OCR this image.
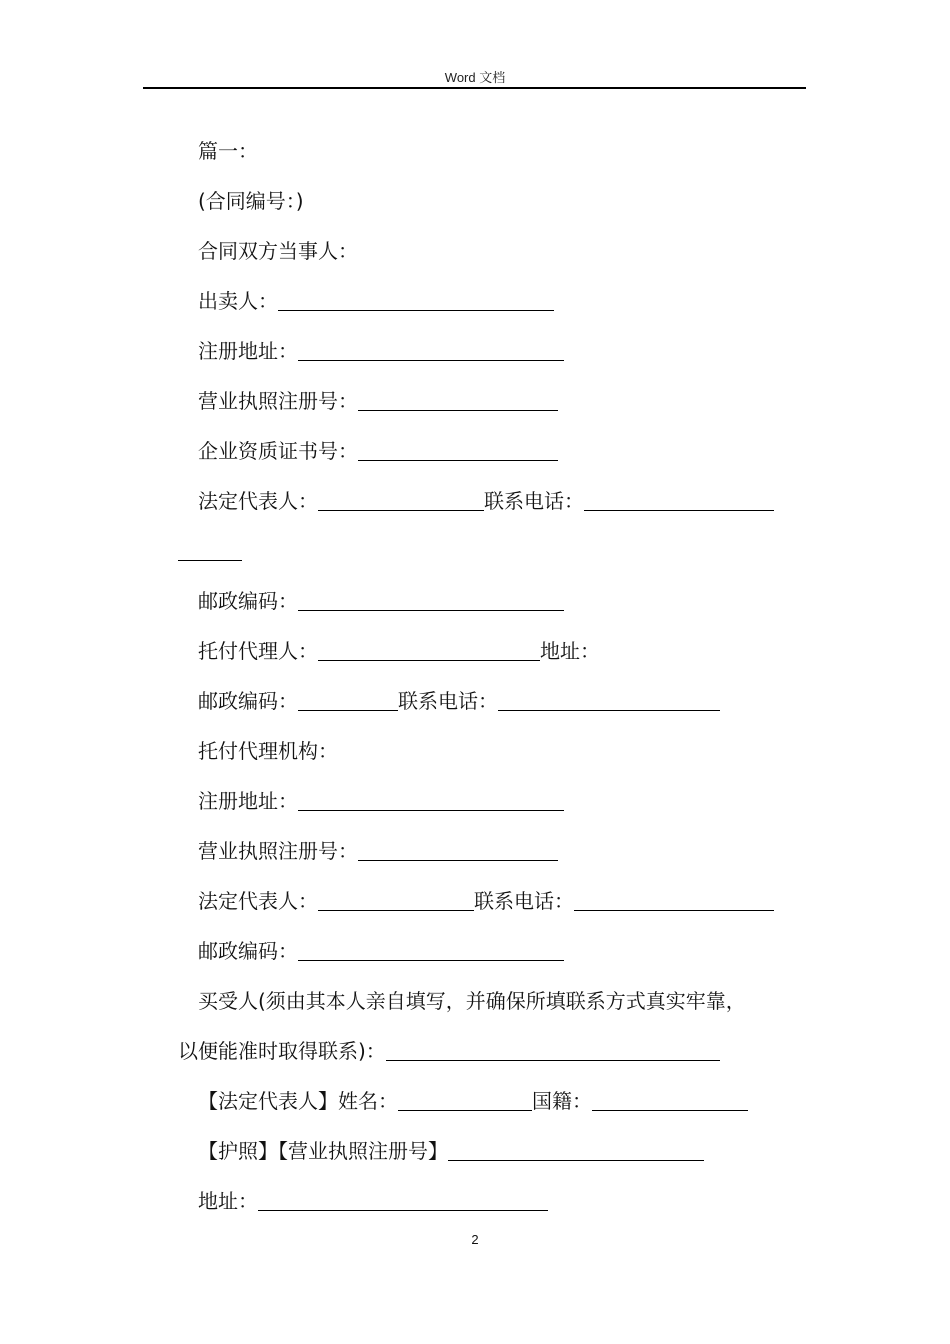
Word 文档
篇一：
(合同编号：)
合同双方当事人：
出卖人：
注册地址：
营业执照注册号：
企业资质证书号：
法定代表人：	联系电话：
邮政编码：
托付代理人：	地址：
邮政编码：	联系电话：
托付代理机构：
注册地址：
营业执照注册号：
法定代表人：	联系电话：
邮政编码：
买受人(须由其本人亲自填写，并确保所填联系方式真实牢靠，
以便能准时取得联系)：
【法定代表人】姓名：	国籍：
【护照】【营业执照注册号】
地址：
2
